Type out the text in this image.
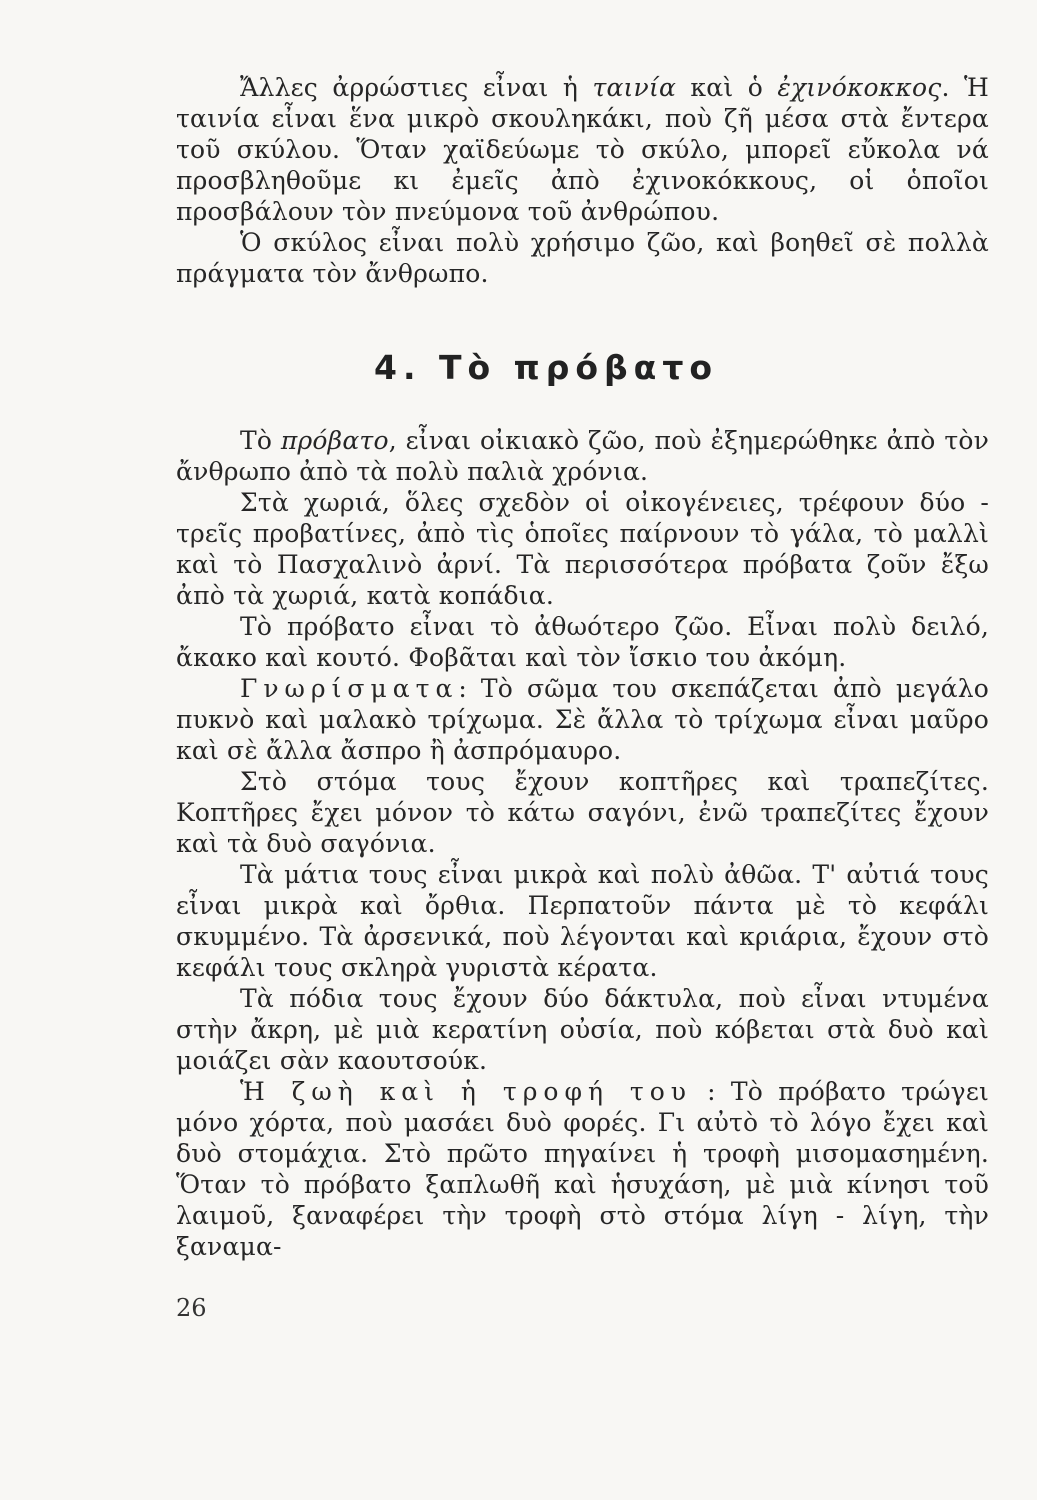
Ἄλλες ἀρρώστιες εἶναι ἡ ταινία καὶ ὁ ἐχινόκοκκος. Ἡ ταινία εἶναι ἕνα μικρὸ σκουληκάκι, ποὺ ζῆ μέσα στὰ ἔντερα τοῦ σκύλου. Ὅταν χαϊδεύωμε τὸ σκύλο, μπορεῖ εὔκολα νά προσβληθοῦμε κι ἐμεῖς ἀπὸ ἐχινοκόκκους, οἱ ὁποῖοι προσβάλουν τὸν πνεύμονα τοῦ ἀνθρώπου.

Ὁ σκύλος εἶναι πολὺ χρήσιμο ζῶο, καὶ βοηθεῖ σὲ πολλὰ πράγματα τὸν ἄνθρωπο.

4. Τὸ πρόβατο

Τὸ πρόβατο, εἶναι οἰκιακὸ ζῶο, ποὺ ἐξημερώθηκε ἀπὸ τὸν ἄνθρωπο ἀπὸ τὰ πολὺ παλιὰ χρόνια.

Στὰ χωριά, ὅλες σχεδὸν οἱ οἰκογένειες, τρέφουν δύο - τρεῖς προβατίνες, ἀπὸ τὶς ὁποῖες παίρνουν τὸ γάλα, τὸ μαλλὶ καὶ τὸ Πασχαλινὸ ἀρνί. Τὰ περισσότερα πρόβατα ζοῦν ἔξω ἀπὸ τὰ χωριά, κατὰ κοπάδια.

Τὸ πρόβατο εἶναι τὸ ἀθωότερο ζῶο. Εἶναι πολὺ δειλό, ἄκακο καὶ κουτό. Φοβᾶται καὶ τὸν ἴσκιο του ἀκόμη.

Γνωρίσματα: Τὸ σῶμα του σκεπάζεται ἀπὸ μεγάλο πυκνὸ καὶ μαλακὸ τρίχωμα. Σὲ ἄλλα τὸ τρίχωμα εἶναι μαῦρο καὶ σὲ ἄλλα ἄσπρο ἢ ἀσπρόμαυρο.

Στὸ στόμα τους ἔχουν κοπτῆρες καὶ τραπεζίτες. Κοπτῆρες ἔχει μόνον τὸ κάτω σαγόνι, ἐνῶ τραπεζίτες ἔχουν καὶ τὰ δυὸ σαγόνια.

Τὰ μάτια τους εἶναι μικρὰ καὶ πολὺ ἀθῶα. Τ' αὐτιά τους εἶναι μικρὰ καὶ ὄρθια. Περπατοῦν πάντα μὲ τὸ κεφάλι σκυμμένο. Τὰ ἀρσενικά, ποὺ λέγονται καὶ κριάρια, ἔχουν στὸ κεφάλι τους σκληρὰ γυριστὰ κέρατα.

Τὰ πόδια τους ἔχουν δύο δάκτυλα, ποὺ εἶναι ντυμένα στὴν ἄκρη, μὲ μιὰ κερατίνη οὐσία, ποὺ κόβεται στὰ δυὸ καὶ μοιάζει σὰν καουτσούκ.

Ἡ ζωὴ καὶ ἡ τροφή του : Τὸ πρόβατο τρώγει μόνο χόρτα, ποὺ μασάει δυὸ φορές. Γι αὐτὸ τὸ λόγο ἔχει καὶ δυὸ στομάχια. Στὸ πρῶτο πηγαίνει ἡ τροφὴ μισομασημένη. Ὅταν τὸ πρόβατο ξαπλωθῆ καὶ ἡσυχάση, μὲ μιὰ κίνησι τοῦ λαιμοῦ, ξαναφέρει τὴν τροφὴ στὸ στόμα λίγη - λίγη, τὴν ξαναμα-

26
